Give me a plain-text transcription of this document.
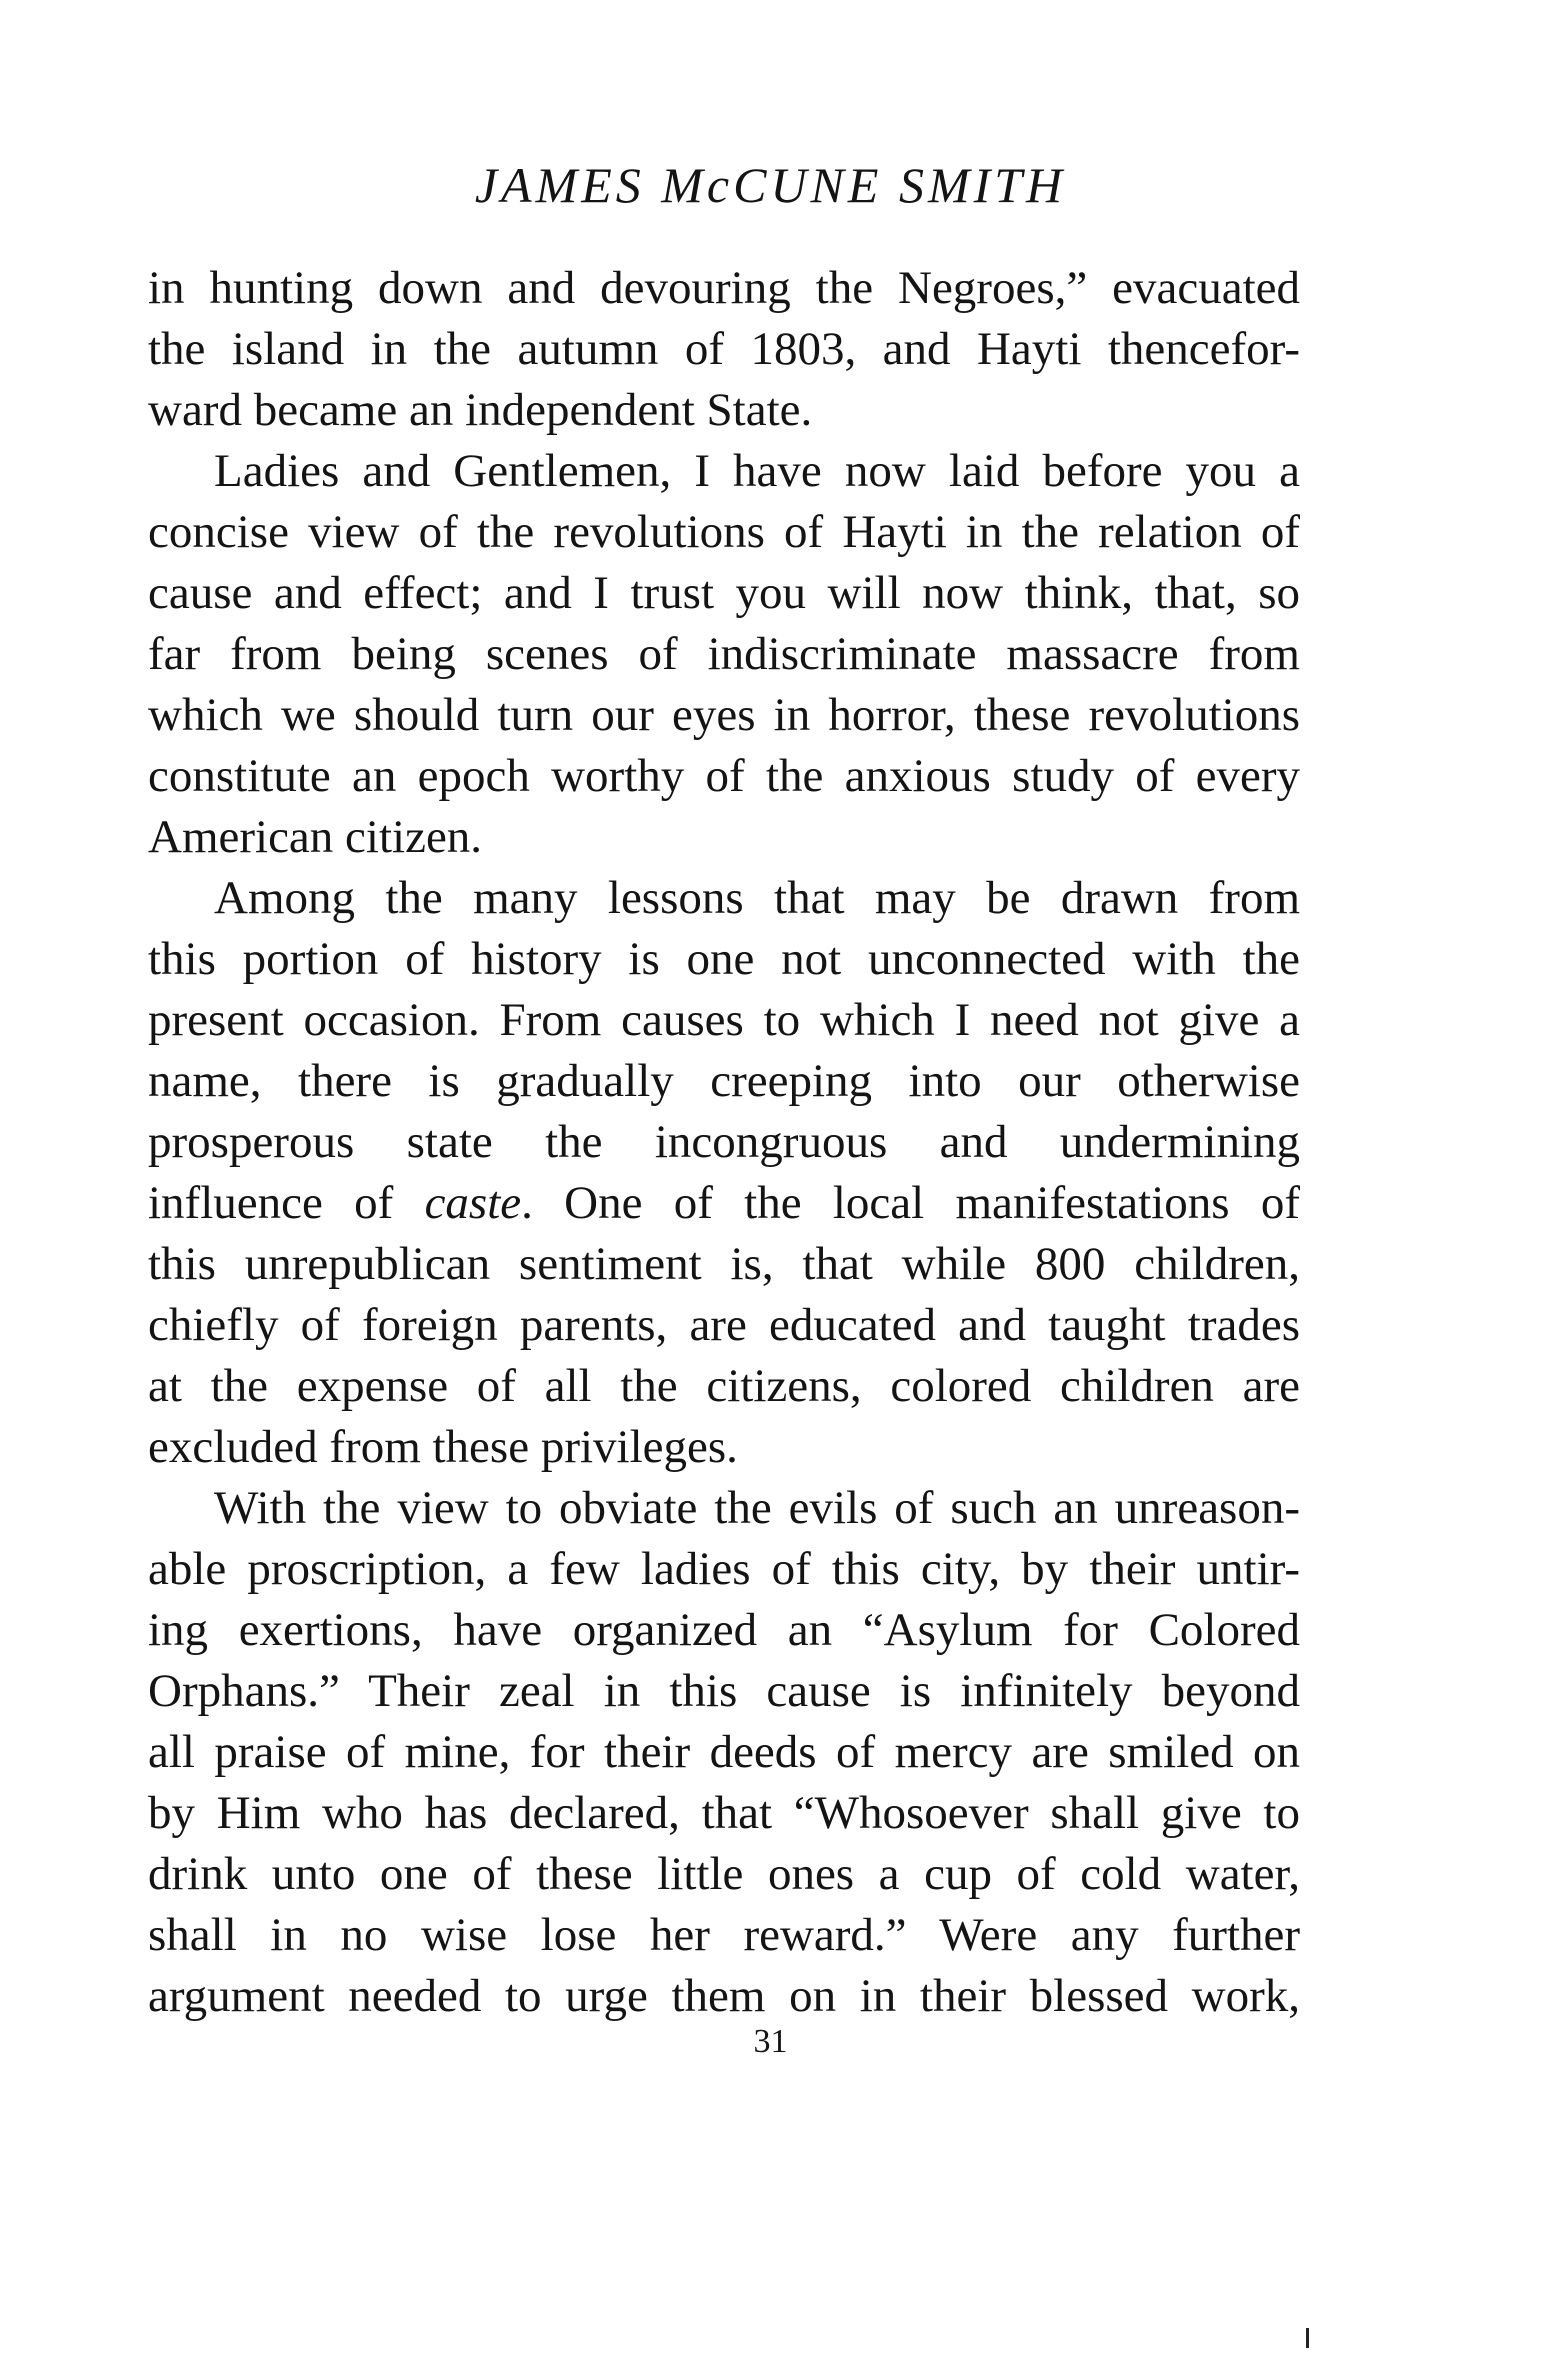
JAMES McCUNE SMITH
in hunting down and devouring the Negroes,” evacuated
the island in the autumn of 1803, and Hayti thencefor-
ward became an independent State.
Ladies and Gentlemen, I have now laid before you a
concise view of the revolutions of Hayti in the relation of
cause and effect; and I trust you will now think, that, so
far from being scenes of indiscriminate massacre from
which we should turn our eyes in horror, these revolutions
constitute an epoch worthy of the anxious study of every
American citizen.
Among the many lessons that may be drawn from
this portion of history is one not unconnected with the
present occasion. From causes to which I need not give a
name, there is gradually creeping into our otherwise
prosperous state the incongruous and undermining
influence of caste. One of the local manifestations of
this unrepublican sentiment is, that while 800 children,
chiefly of foreign parents, are educated and taught trades
at the expense of all the citizens, colored children are
excluded from these privileges.
With the view to obviate the evils of such an unreason-
able proscription, a few ladies of this city, by their untir-
ing exertions, have organized an “Asylum for Colored
Orphans.” Their zeal in this cause is infinitely beyond
all praise of mine, for their deeds of mercy are smiled on
by Him who has declared, that “Whosoever shall give to
drink unto one of these little ones a cup of cold water,
shall in no wise lose her reward.” Were any further
argument needed to urge them on in their blessed work,
31
